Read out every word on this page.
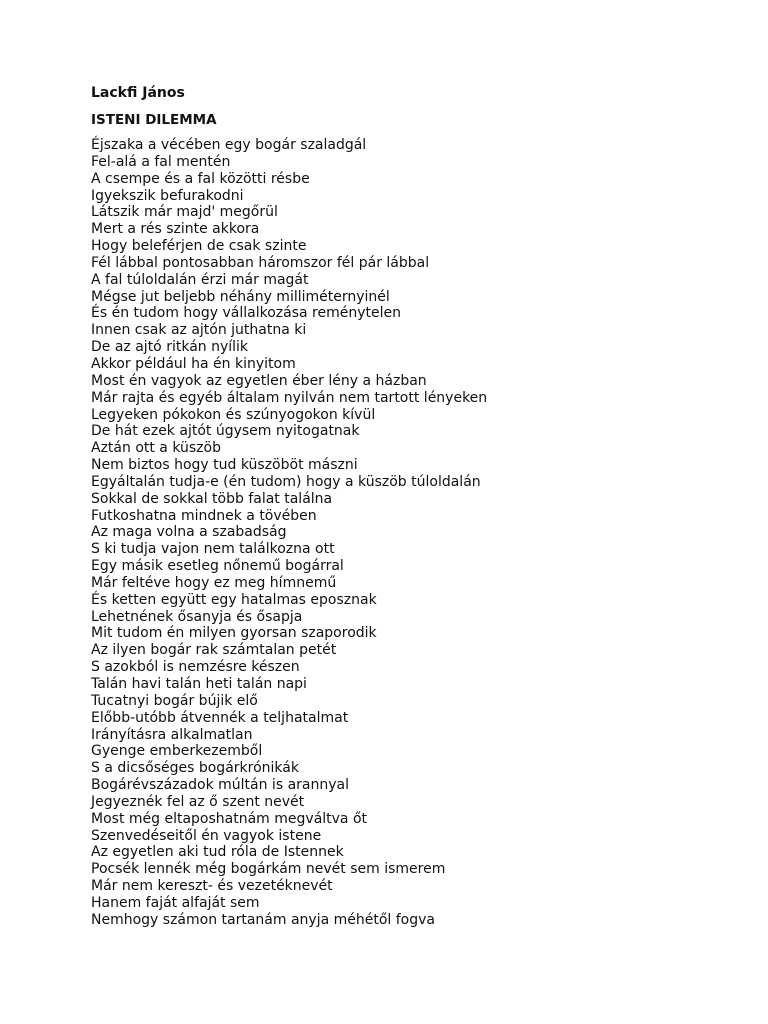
Lackfi János
ISTENI DILEMMA
Éjszaka a vécében egy bogár szaladgál
Fel-alá a fal mentén
A csempe és a fal közötti résbe
Igyekszik befurakodni
Látszik már majd' megőrül
Mert a rés szinte akkora
Hogy beleférjen de csak szinte
Fél lábbal pontosabban háromszor fél pár lábbal
A fal túloldalán érzi már magát
Mégse jut beljebb néhány milliméternyinél
És én tudom hogy vállalkozása reménytelen
Innen csak az ajtón juthatna ki
De az ajtó ritkán nyílik
Akkor például ha én kinyitom
Most én vagyok az egyetlen éber lény a házban
Már rajta és egyéb általam nyilván nem tartott lényeken
Legyeken pókokon és szúnyogokon kívül
De hát ezek ajtót úgysem nyitogatnak
Aztán ott a küszöb
Nem biztos hogy tud küszöböt mászni
Egyáltalán tudja-e (én tudom) hogy a küszöb túloldalán
Sokkal de sokkal több falat találna
Futkoshatna mindnek a tövében
Az maga volna a szabadság
S ki tudja vajon nem találkozna ott
Egy másik esetleg nőnemű bogárral
Már feltéve hogy ez meg hímnemű
És ketten együtt egy hatalmas eposznak
Lehetnének ősanyja és ősapja
Mit tudom én milyen gyorsan szaporodik
Az ilyen bogár rak számtalan petét
S azokból is nemzésre készen
Talán havi talán heti talán napi
Tucatnyi bogár bújik elő
Előbb-utóbb átvennék a teljhatalmat
Irányításra alkalmatlan
Gyenge emberkezemből
S a dicsőséges bogárkrónikák
Bogárévszázadok múltán is arannyal
Jegyeznék fel az ő szent nevét
Most még eltaposhatnám megváltva őt
Szenvedéseitől én vagyok istene
Az egyetlen aki tud róla de Istennek
Pocsék lennék még bogárkám nevét sem ismerem
Már nem kereszt- és vezetéknevét
Hanem faját alfaját sem
Nemhogy számon tartanám anyja méhétől fogva
